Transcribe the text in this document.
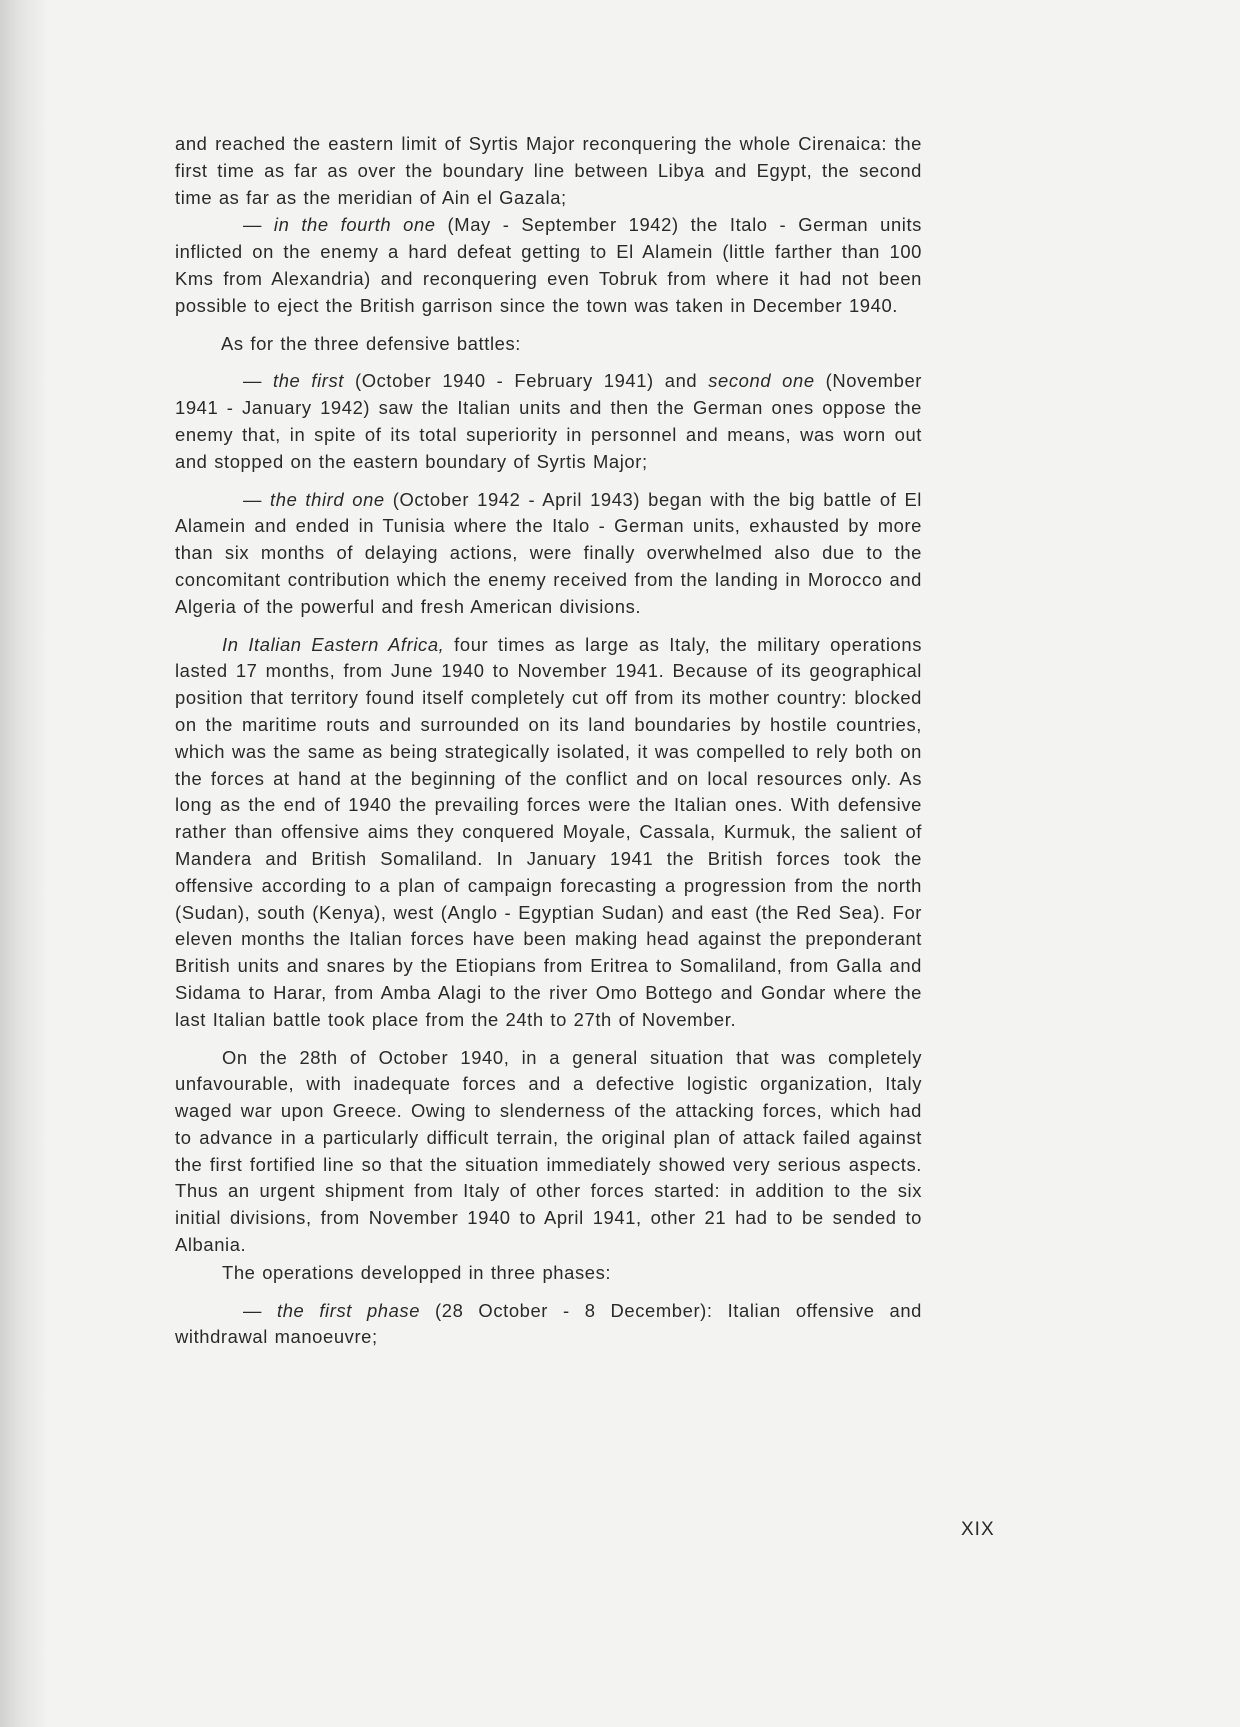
and reached the eastern limit of Syrtis Major reconquering the whole Cirenaica: the first time as far as over the boundary line between Libya and Egypt, the second time as far as the meridian of Ain el Gazala;

— in the fourth one (May - September 1942) the Italo - German units inflicted on the enemy a hard defeat getting to El Alamein (little farther than 100 Kms from Alexandria) and reconquering even Tobruk from where it had not been possible to eject the British garrison since the town was taken in December 1940.

As for the three defensive battles:

— the first (October 1940 - February 1941) and second one (November 1941 - January 1942) saw the Italian units and then the German ones oppose the enemy that, in spite of its total superiority in personnel and means, was worn out and stopped on the eastern boundary of Syrtis Major;

— the third one (October 1942 - April 1943) began with the big battle of El Alamein and ended in Tunisia where the Italo - German units, exhausted by more than six months of delaying actions, were finally overwhelmed also due to the concomitant contribution which the enemy received from the landing in Morocco and Algeria of the powerful and fresh American divisions.

In Italian Eastern Africa, four times as large as Italy, the military operations lasted 17 months, from June 1940 to November 1941. Because of its geographical position that territory found itself completely cut off from its mother country: blocked on the maritime routs and surrounded on its land boundaries by hostile countries, which was the same as being strategically isolated, it was compelled to rely both on the forces at hand at the beginning of the conflict and on local resources only. As long as the end of 1940 the prevailing forces were the Italian ones. With defensive rather than offensive aims they conquered Moyale, Cassala, Kurmuk, the salient of Mandera and British Somaliland. In January 1941 the British forces took the offensive according to a plan of campaign forecasting a progression from the north (Sudan), south (Kenya), west (Anglo - Egyptian Sudan) and east (the Red Sea). For eleven months the Italian forces have been making head against the preponderant British units and snares by the Etiopians from Eritrea to Somaliland, from Galla and Sidama to Harar, from Amba Alagi to the river Omo Bottego and Gondar where the last Italian battle took place from the 24th to 27th of November.

On the 28th of October 1940, in a general situation that was completely unfavourable, with inadequate forces and a defective logistic organization, Italy waged war upon Greece. Owing to slenderness of the attacking forces, which had to advance in a particularly difficult terrain, the original plan of attack failed against the first fortified line so that the situation immediately showed very serious aspects. Thus an urgent shipment from Italy of other forces started: in addition to the six initial divisions, from November 1940 to April 1941, other 21 had to be sended to Albania.

The operations developped in three phases:

— the first phase (28 October - 8 December): Italian offensive and withdrawal manoeuvre;

XIX
